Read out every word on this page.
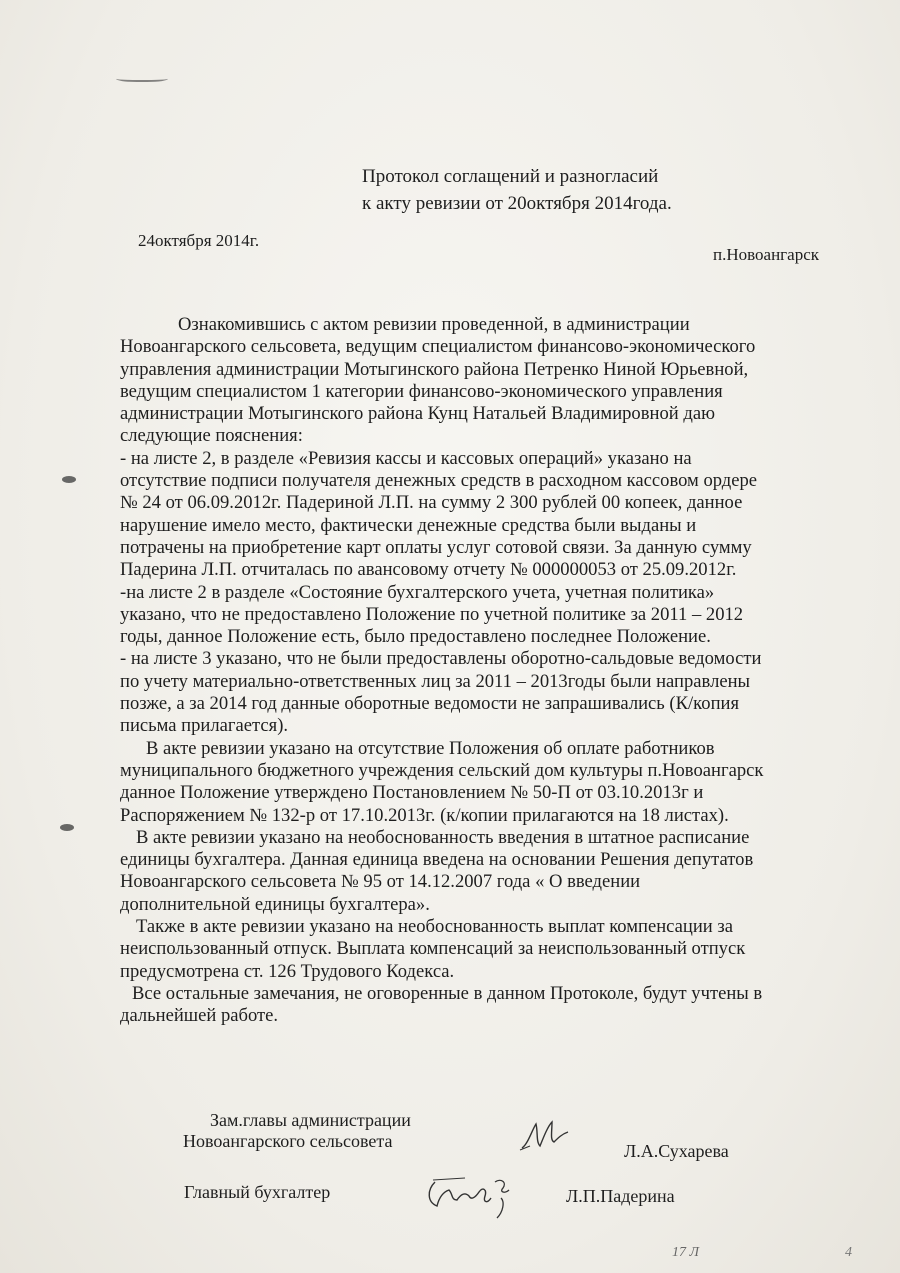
Протокол соглащений и разногласий
к акту ревизии от 20октября 2014года.
24октября 2014г.
п.Новоангарск
Ознакомившись с актом ревизии проведенной, в администрации
Новоангарского сельсовета, ведущим специалистом финансово-экономического
управления администрации Мотыгинского района Петренко Ниной Юрьевной,
ведущим специалистом 1 категории финансово-экономического управления
администрации Мотыгинского района Кунц Натальей Владимировной даю
следующие пояснения:
- на листе 2, в разделе «Ревизия кассы и кассовых операций» указано на
отсутствие подписи получателя денежных средств в расходном кассовом ордере
№ 24 от 06.09.2012г. Падериной Л.П. на сумму 2 300 рублей 00 копеек, данное
нарушение имело место, фактически денежные средства были выданы и
потрачены на приобретение карт оплаты услуг сотовой связи. За данную сумму
Падерина Л.П. отчиталась по авансовому отчету № 000000053 от 25.09.2012г.
-на листе 2 в разделе «Состояние бухгалтерского учета, учетная политика»
указано, что не предоставлено Положение по учетной политике за 2011 – 2012
годы, данное Положение есть, было предоставлено последнее Положение.
- на листе 3 указано, что не были предоставлены оборотно-сальдовые ведомости
по учету материально-ответственных лиц за 2011 – 2013годы были направлены
позже, а за 2014 год данные оборотные ведомости не запрашивались (К/копия
письма прилагается).
В акте ревизии указано на отсутствие Положения об оплате работников
муниципального бюджетного учреждения сельский дом культуры п.Новоангарск
данное Положение утверждено Постановлением № 50-П от 03.10.2013г и
Распоряжением № 132-р от 17.10.2013г. (к/копии прилагаются на 18 листах).
В акте ревизии указано на необоснованность введения в штатное расписание
единицы бухгалтера. Данная единица введена на основании Решения депутатов
Новоангарского сельсовета № 95 от 14.12.2007 года « О введении
дополнительной единицы бухгалтера».
Также в акте ревизии указано на необоснованность выплат компенсации за
неиспользованный отпуск. Выплата компенсаций за неиспользованный отпуск
предусмотрена ст. 126 Трудового Кодекса.
Все остальные замечания, не оговоренные в данном Протоколе, будут учтены в
дальнейшей работе.
Зам.главы администрации
Новоангарского сельсовета	Л.А.Сухарева
Главный бухгалтер	Л.П.Падерина
17 Л	4
